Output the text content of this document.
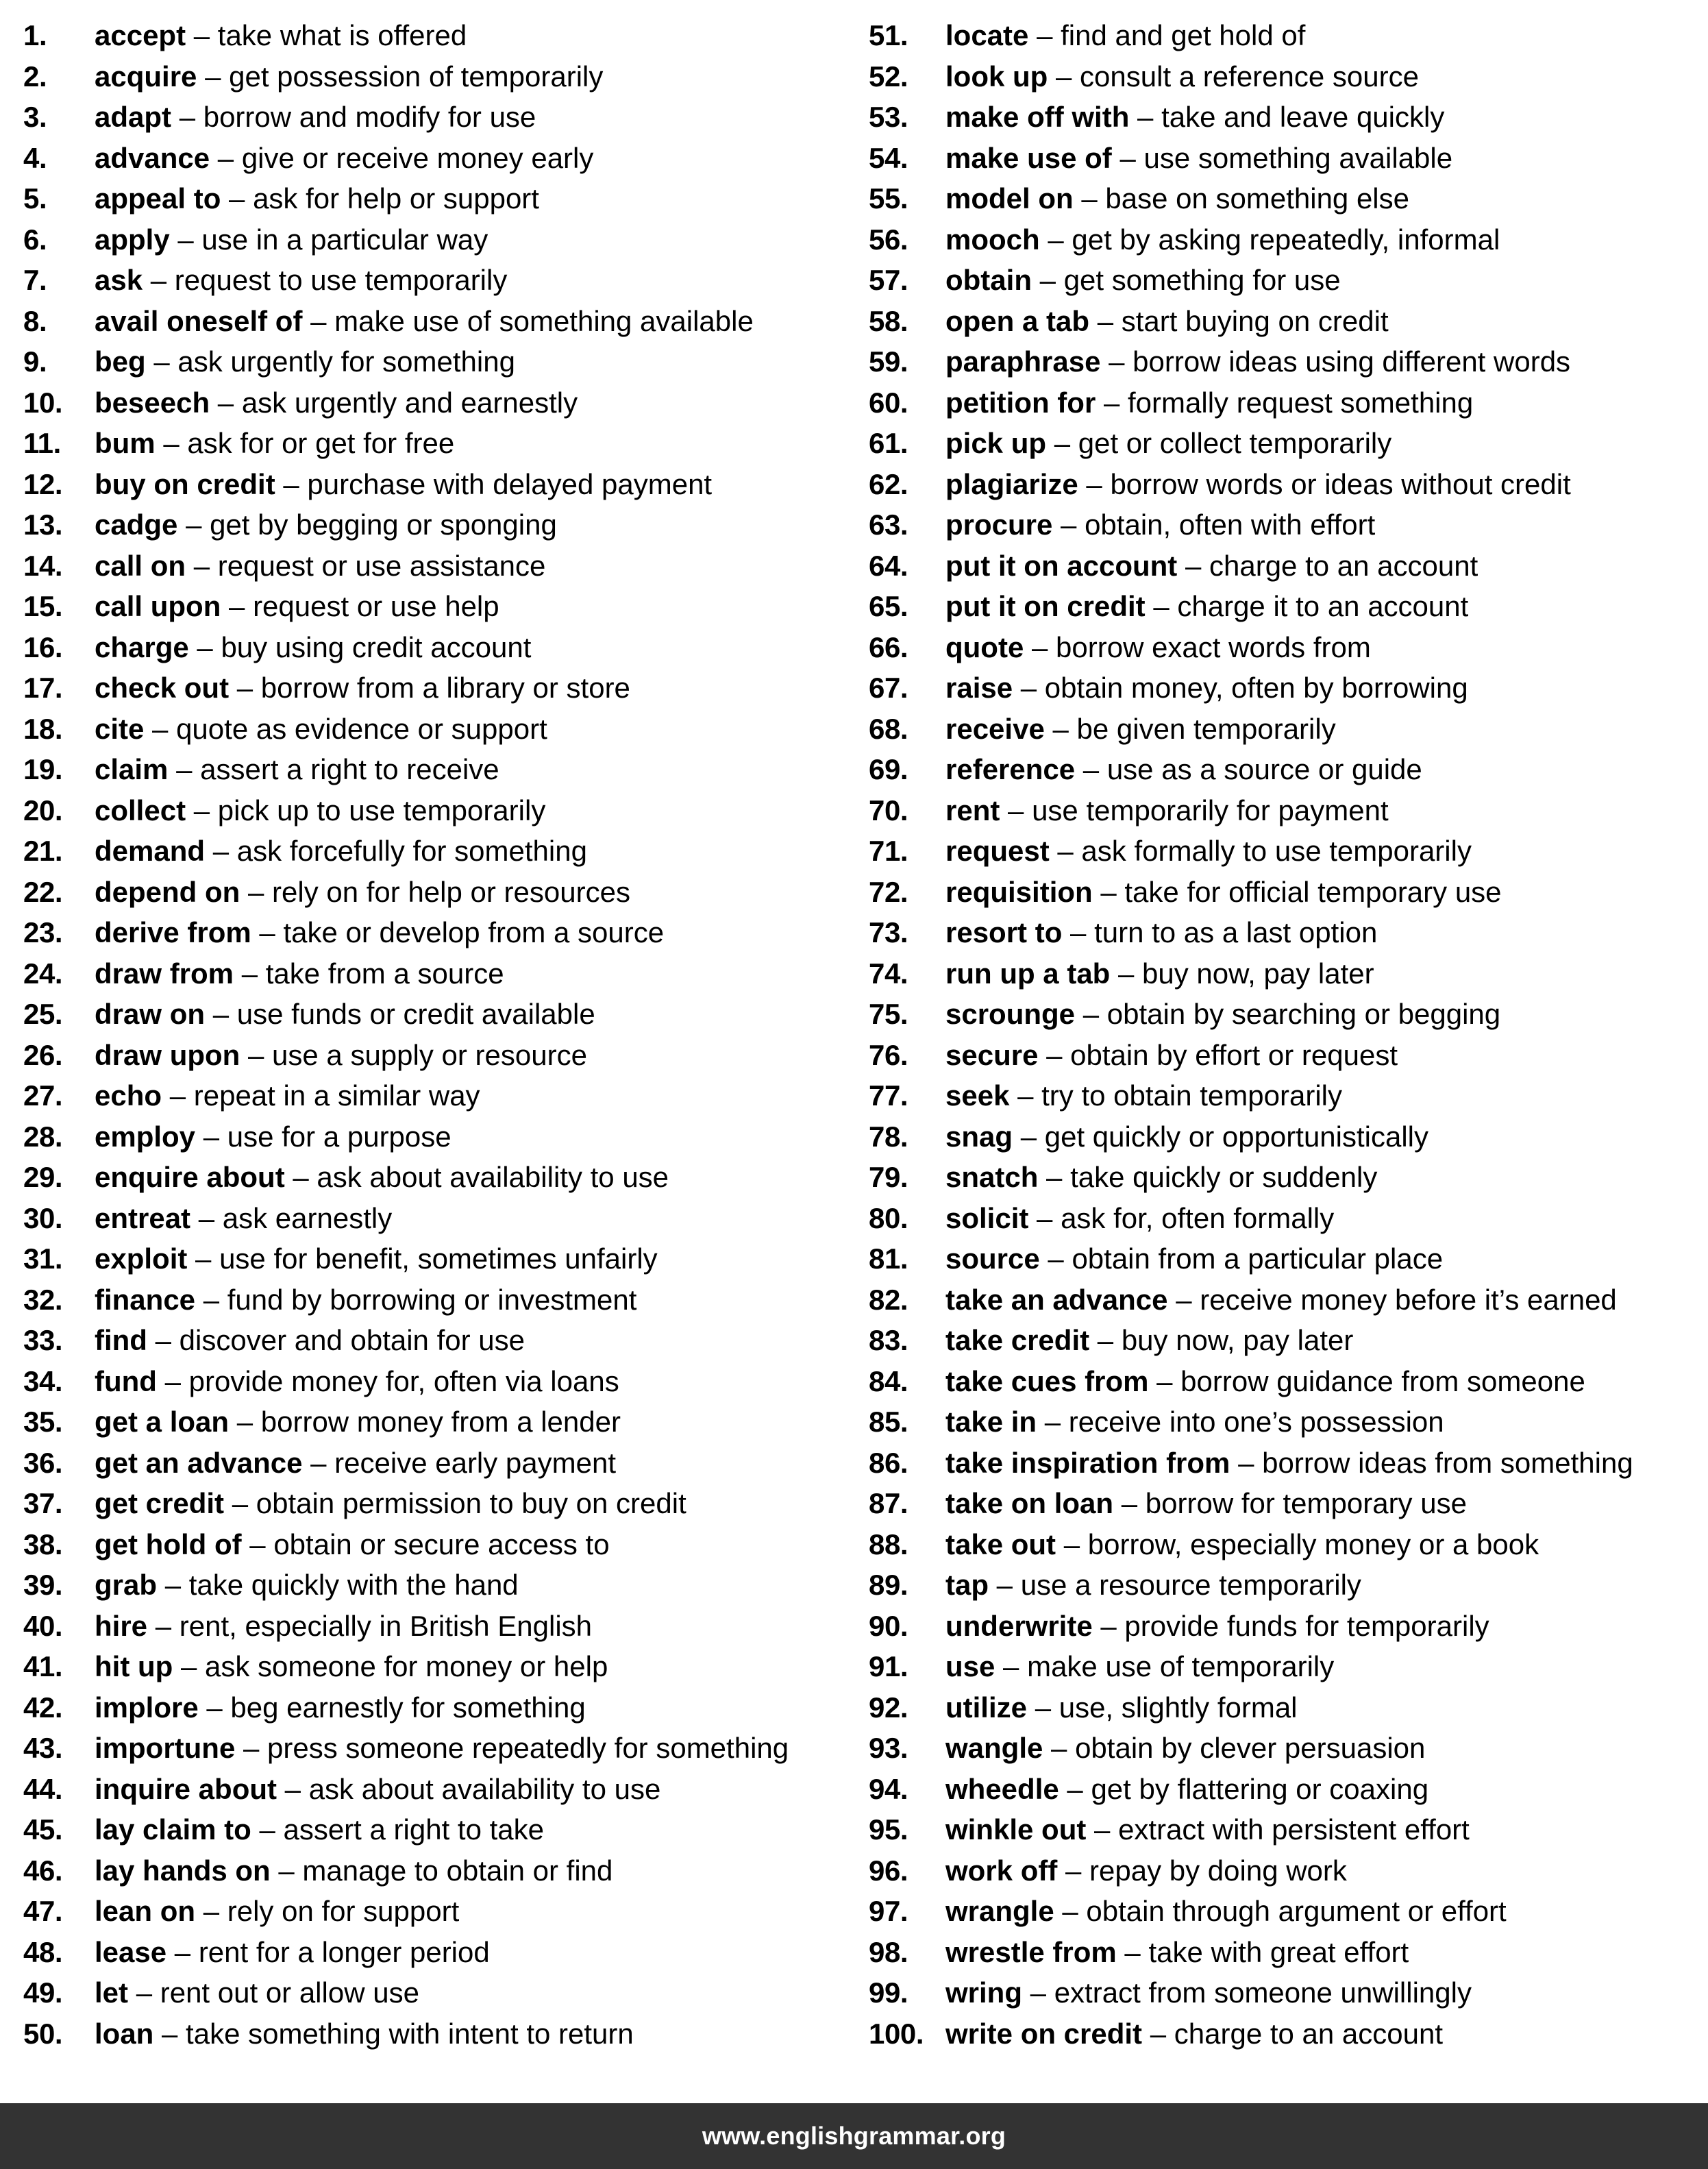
1.	accept – take what is offered
2.	acquire – get possession of temporarily
3.	adapt – borrow and modify for use
4.	advance – give or receive money early
5.	appeal to – ask for help or support
6.	apply – use in a particular way
7.	ask – request to use temporarily
8.	avail oneself of – make use of something available
9.	beg – ask urgently for something
10.	beseech – ask urgently and earnestly
11.	bum – ask for or get for free
12.	buy on credit – purchase with delayed payment
13.	cadge – get by begging or sponging
14.	call on – request or use assistance
15.	call upon – request or use help
16.	charge – buy using credit account
17.	check out – borrow from a library or store
18.	cite – quote as evidence or support
19.	claim – assert a right to receive
20.	collect – pick up to use temporarily
21.	demand – ask forcefully for something
22.	depend on – rely on for help or resources
23.	derive from – take or develop from a source
24.	draw from – take from a source
25.	draw on – use funds or credit available
26.	draw upon – use a supply or resource
27.	echo – repeat in a similar way
28.	employ – use for a purpose
29.	enquire about – ask about availability to use
30.	entreat – ask earnestly
31.	exploit – use for benefit, sometimes unfairly
32.	finance – fund by borrowing or investment
33.	find – discover and obtain for use
34.	fund – provide money for, often via loans
35.	get a loan – borrow money from a lender
36.	get an advance – receive early payment
37.	get credit – obtain permission to buy on credit
38.	get hold of – obtain or secure access to
39.	grab – take quickly with the hand
40.	hire – rent, especially in British English
41.	hit up – ask someone for money or help
42.	implore – beg earnestly for something
43.	importune – press someone repeatedly for something
44.	inquire about – ask about availability to use
45.	lay claim to – assert a right to take
46.	lay hands on – manage to obtain or find
47.	lean on – rely on for support
48.	lease – rent for a longer period
49.	let – rent out or allow use
50.	loan – take something with intent to return
51.	locate – find and get hold of
52.	look up – consult a reference source
53.	make off with – take and leave quickly
54.	make use of – use something available
55.	model on – base on something else
56.	mooch – get by asking repeatedly, informal
57.	obtain – get something for use
58.	open a tab – start buying on credit
59.	paraphrase – borrow ideas using different words
60.	petition for – formally request something
61.	pick up – get or collect temporarily
62.	plagiarize – borrow words or ideas without credit
63.	procure – obtain, often with effort
64.	put it on account – charge to an account
65.	put it on credit – charge it to an account
66.	quote – borrow exact words from
67.	raise – obtain money, often by borrowing
68.	receive – be given temporarily
69.	reference – use as a source or guide
70.	rent – use temporarily for payment
71.	request – ask formally to use temporarily
72.	requisition – take for official temporary use
73.	resort to – turn to as a last option
74.	run up a tab – buy now, pay later
75.	scrounge – obtain by searching or begging
76.	secure – obtain by effort or request
77.	seek – try to obtain temporarily
78.	snag – get quickly or opportunistically
79.	snatch – take quickly or suddenly
80.	solicit – ask for, often formally
81.	source – obtain from a particular place
82.	take an advance – receive money before it’s earned
83.	take credit – buy now, pay later
84.	take cues from – borrow guidance from someone
85.	take in – receive into one’s possession
86.	take inspiration from – borrow ideas from something
87.	take on loan – borrow for temporary use
88.	take out – borrow, especially money or a book
89.	tap – use a resource temporarily
90.	underwrite – provide funds for temporarily
91.	use – make use of temporarily
92.	utilize – use, slightly formal
93.	wangle – obtain by clever persuasion
94.	wheedle – get by flattering or coaxing
95.	winkle out – extract with persistent effort
96.	work off – repay by doing work
97.	wrangle – obtain through argument or effort
98.	wrestle from – take with great effort
99.	wring – extract from someone unwillingly
100. write on credit – charge to an account
www.englishgrammar.org
